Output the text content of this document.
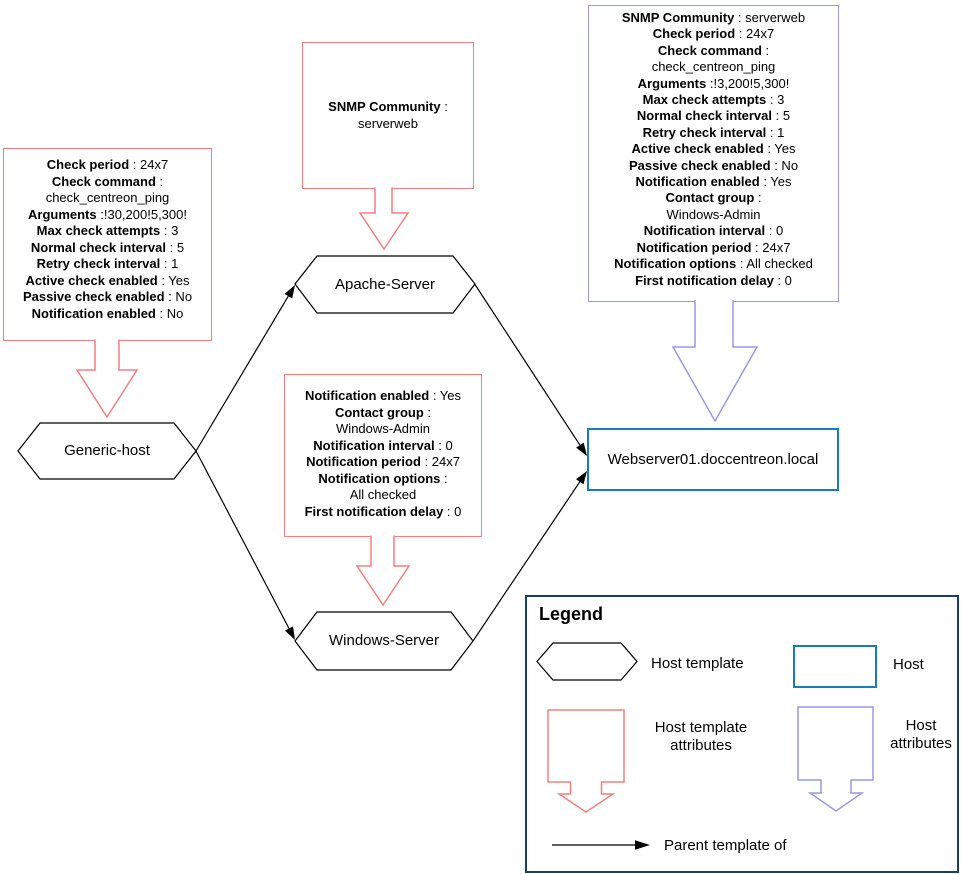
Check period : 24x7
Check command :
check_centreon_ping
Arguments :!30,200!5,300!
Max check attempts : 3
Normal check interval : 5
Retry check interval : 1
Active check enabled : Yes
Passive check enabled : No
Notification enabled : No
SNMP Community :
serverweb
Notification enabled : Yes
Contact group :
Windows-Admin
Notification interval : 0
Notification period : 24x7
Notification options :
All checked
First notification delay : 0
SNMP Community : serverweb
Check period : 24x7
Check command :
check_centreon_ping
Arguments :!3,200!5,300!
Max check attempts : 3
Normal check interval : 5
Retry check interval : 1
Active check enabled : Yes
Passive check enabled : No
Notification enabled : Yes
Contact group :
Windows-Admin
Notification interval : 0
Notification period : 24x7
Notification options : All checked
First notification delay : 0
Webserver01.doccentreon.local
Generic-host
Apache-Server
Windows-Server
Legend
Host template	Host
Host template attributes
Host attributes
Parent template of
